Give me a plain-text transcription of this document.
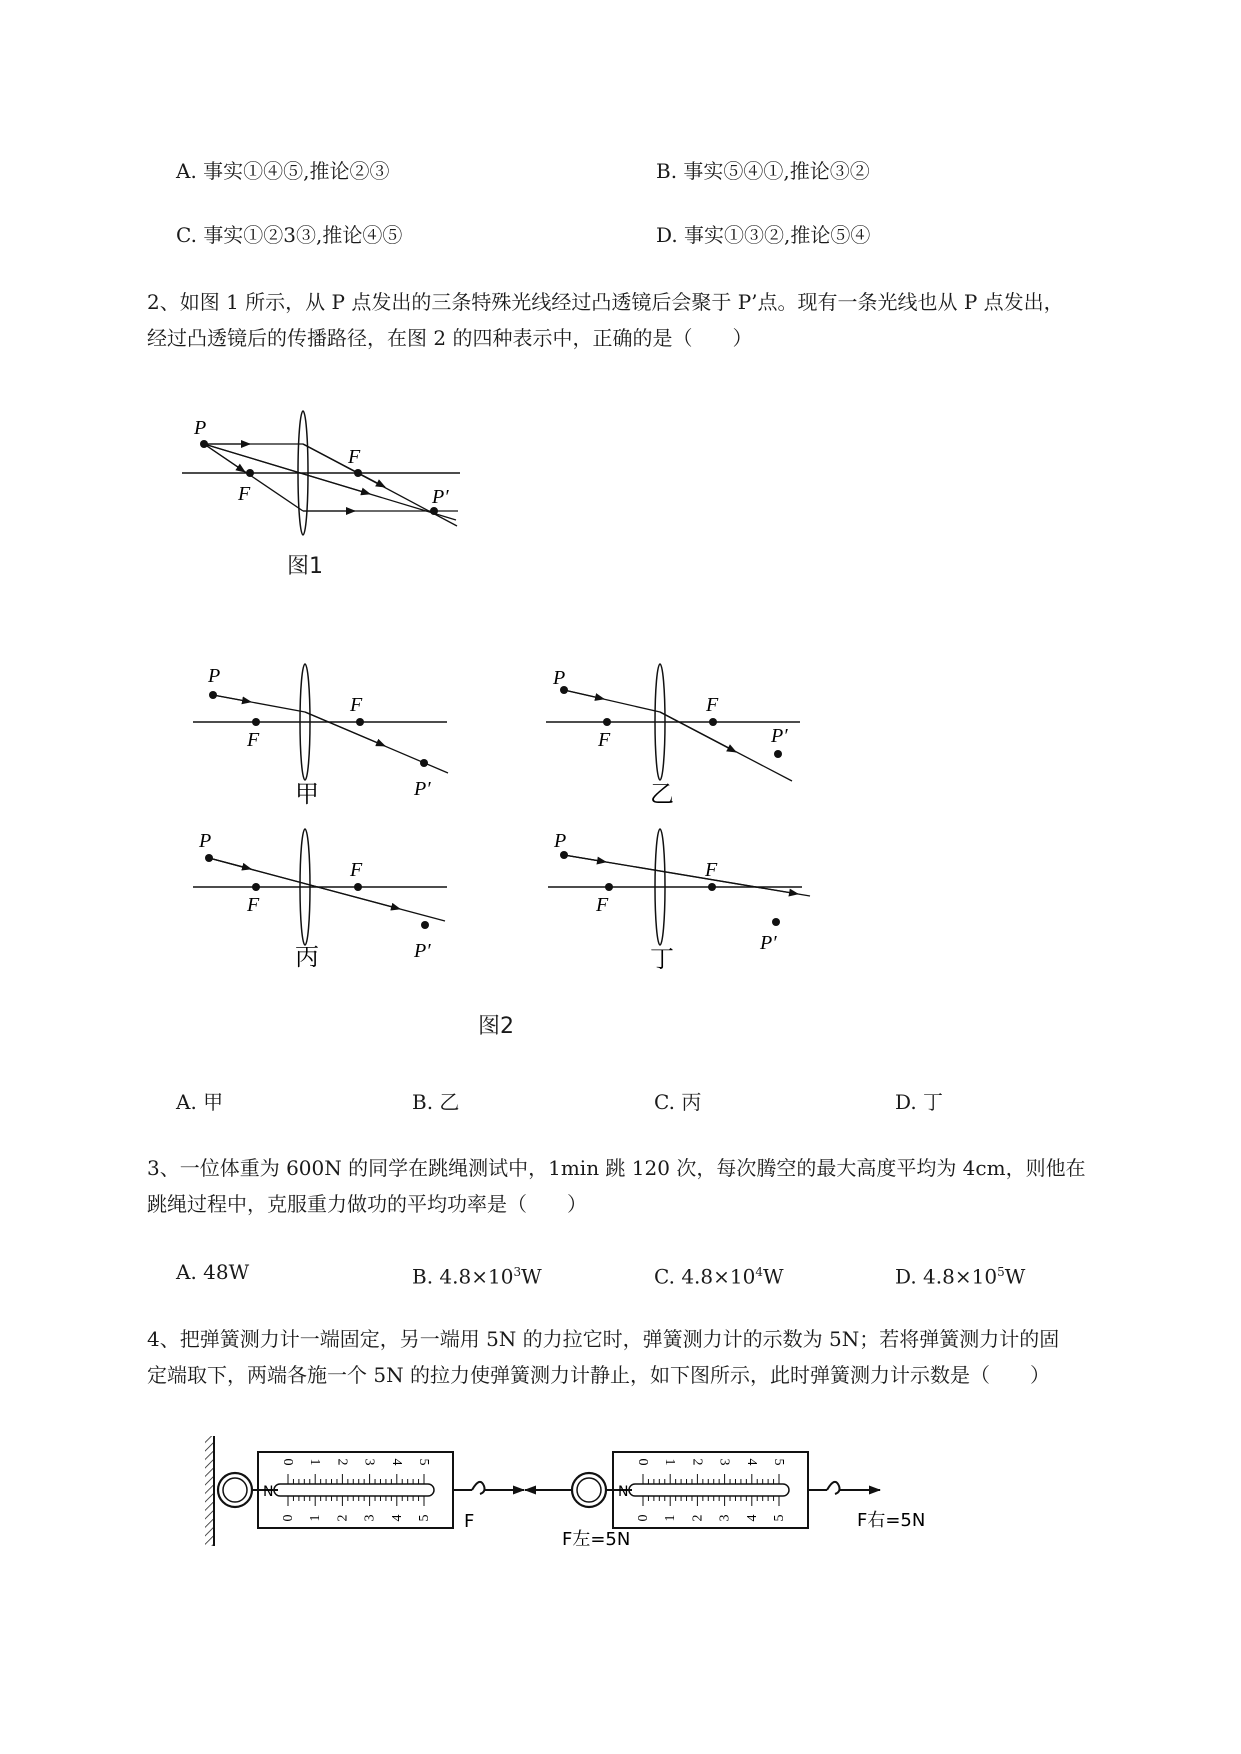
A. 事实①④⑤,推论②③	B. 事实⑤④①,推论③②
C. 事实①②3③,推论④⑤	D. 事实①③②,推论⑤④
2、如图 1 所示，从 P 点发出的三条特殊光线经过凸透镜后会聚于 P’点。现有一条光线也从 P 点发出，
经过凸透镜后的传播路径，在图 2 的四种表示中，正确的是（　　）
P
F
F
P′
图1
P
F
F
P′
甲
P
F
F
P′
乙
P
F
F
P′
丙
P
F
F
P′
丁
图2
A. 甲	B. 乙	C. 丙	D. 丁
3、一位体重为 600N 的同学在跳绳测试中，1min 跳 120 次，每次腾空的最大高度平均为 4cm，则他在
跳绳过程中，克服重力做功的平均功率是（　　）
A. 48W	B. $4.8\times 10^3W$	C. $4.8\times 10^4W$	D. $4.8\times 10^5W$
4、把弹簧测力计一端固定，另一端用 5N 的力拉它时，弹簧测力计的示数为 5N；若将弹簧测力计的固
定端取下，两端各施一个 5N 的拉力使弹簧测力计静止，如下图所示，此时弹簧测力计示数是（　　）
0
0
1
1
2
2
3
3
4
4
5
5
N
F
0
0
1
1
2
2
3
3
4
4
5
5
N
F左=5N
F右=5N
